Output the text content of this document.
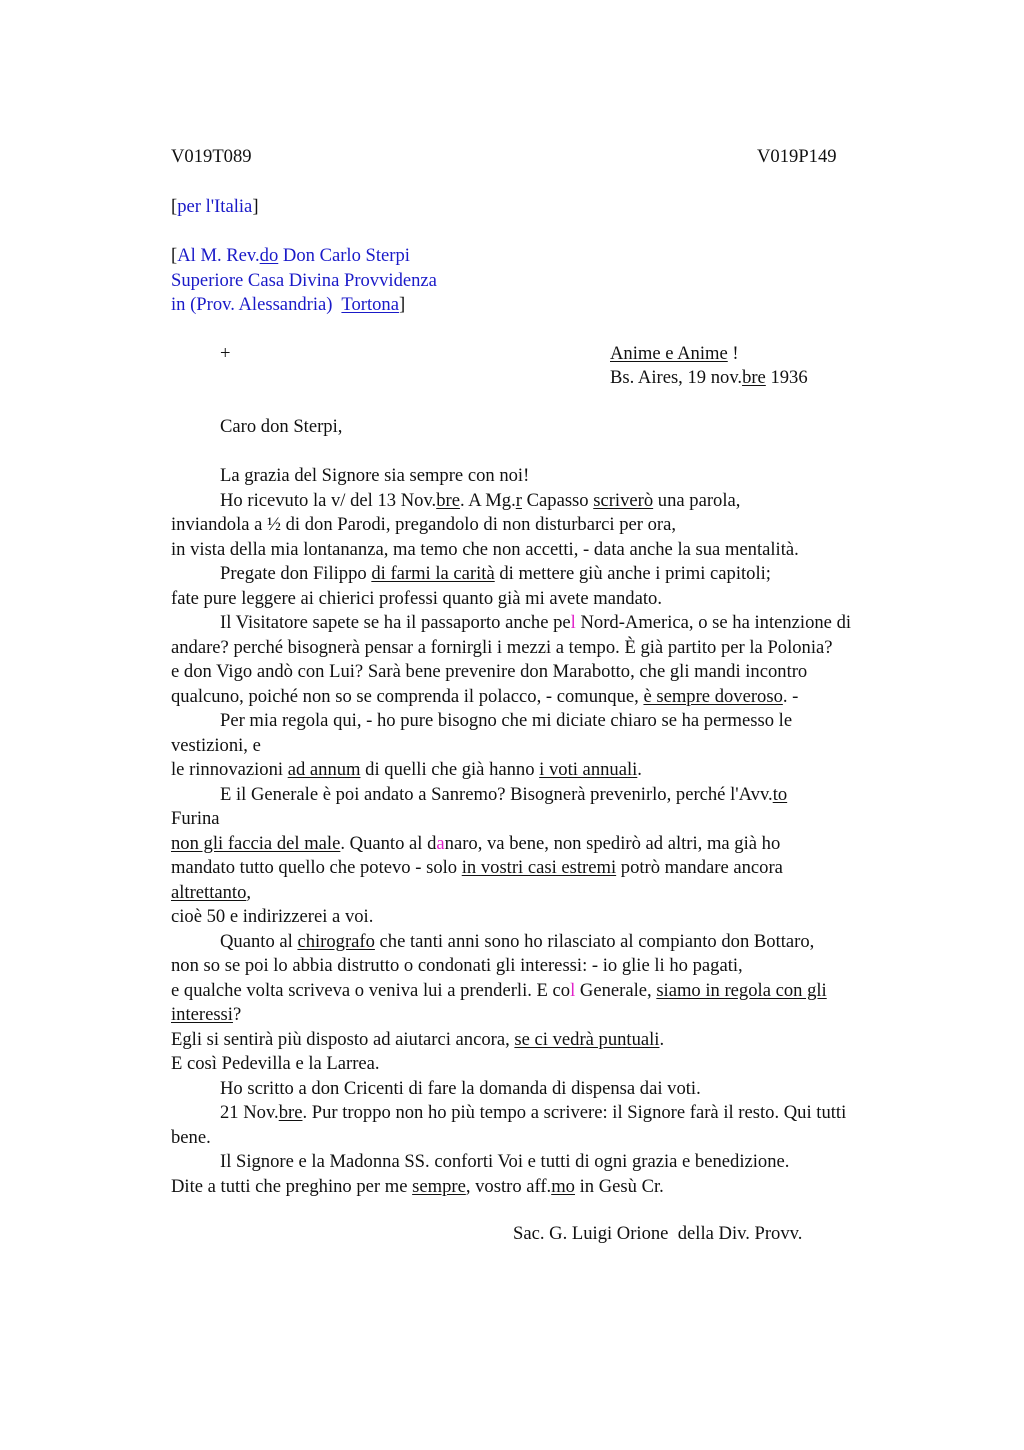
V019T089	V019P149
[per l'Italia]
[Al M. Rev.do Don Carlo Sterpi
Superiore Casa Divina Provvidenza
in (Prov. Alessandria)  Tortona]
+	Anime e Anime !
Bs. Aires, 19 nov.bre 1936
Caro don Sterpi,

La grazia del Signore sia sempre con noi!

Ho ricevuto la v/ del 13 Nov.bre. A Mg.r Capasso scriverò una parola,

inviandola a ½ di don Parodi, pregandolo di non disturbarci per ora,

in vista della mia lontananza, ma temo che non accetti, - data anche la sua mentalità.

Pregate don Filippo di farmi la carità di mettere giù anche i primi capitoli;

fate pure leggere ai chierici professi quanto già mi avete mandato.

Il Visitatore sapete se ha il passaporto anche pel Nord-America, o se ha intenzione di

andare? perché bisognerà pensar a fornirgli i mezzi a tempo. È già partito per la Polonia?

e don Vigo andò con Lui? Sarà bene prevenire don Marabotto, che gli mandi incontro

qualcuno, poiché non so se comprenda il polacco, - comunque, è sempre doveroso. -

Per mia regola qui, - ho pure bisogno che mi diciate chiaro se ha permesso le

vestizioni, e

le rinnovazioni ad annum di quelli che già hanno i voti annuali.

E il Generale è poi andato a Sanremo? Bisognerà prevenirlo, perché l'Avv.to

Furina

non gli faccia del male. Quanto al danaro, va bene, non spedirò ad altri, ma già ho

mandato tutto quello che potevo - solo in vostri casi estremi potrò mandare ancora

altrettanto,

cioè 50 e indirizzerei a voi.

Quanto al chirografo che tanti anni sono ho rilasciato al compianto don Bottaro,

non so se poi lo abbia distrutto o condonati gli interessi: - io glie li ho pagati,

e qualche volta scriveva o veniva lui a prenderli. E col Generale, siamo in regola con gli

interessi?

Egli si sentirà più disposto ad aiutarci ancora, se ci vedrà puntuali.

E così Pedevilla e la Larrea.

Ho scritto a don Cricenti di fare la domanda di dispensa dai voti.

21 Nov.bre. Pur troppo non ho più tempo a scrivere: il Signore farà il resto. Qui tutti

bene.

Il Signore e la Madonna SS. conforti Voi e tutti di ogni grazia e benedizione.

Dite a tutti che preghino per me sempre, vostro aff.mo in Gesù Cr.

Sac. G. Luigi Orione  della Div. Provv.
